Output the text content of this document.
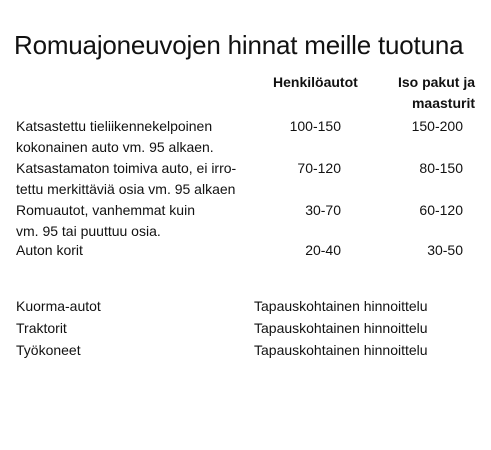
Romuajoneuvojen hinnat meille tuotuna
Henkilöautot	Iso pakut ja
maasturit
Katsastettu tieliikennekelpoinen
kokonainen auto vm. 95 alkaen.
100-150	150-200
Katsastamaton toimiva auto, ei irro-
tettu merkittäviä osia vm. 95 alkaen
70-120	80-150
Romuautot, vanhemmat kuin
vm. 95 tai puuttuu osia.
30-70	60-120
Auton korit	20-40	30-50
Kuorma-autot	Tapauskohtainen hinnoittelu
Traktorit	Tapauskohtainen hinnoittelu
Työkoneet	Tapauskohtainen hinnoittelu
